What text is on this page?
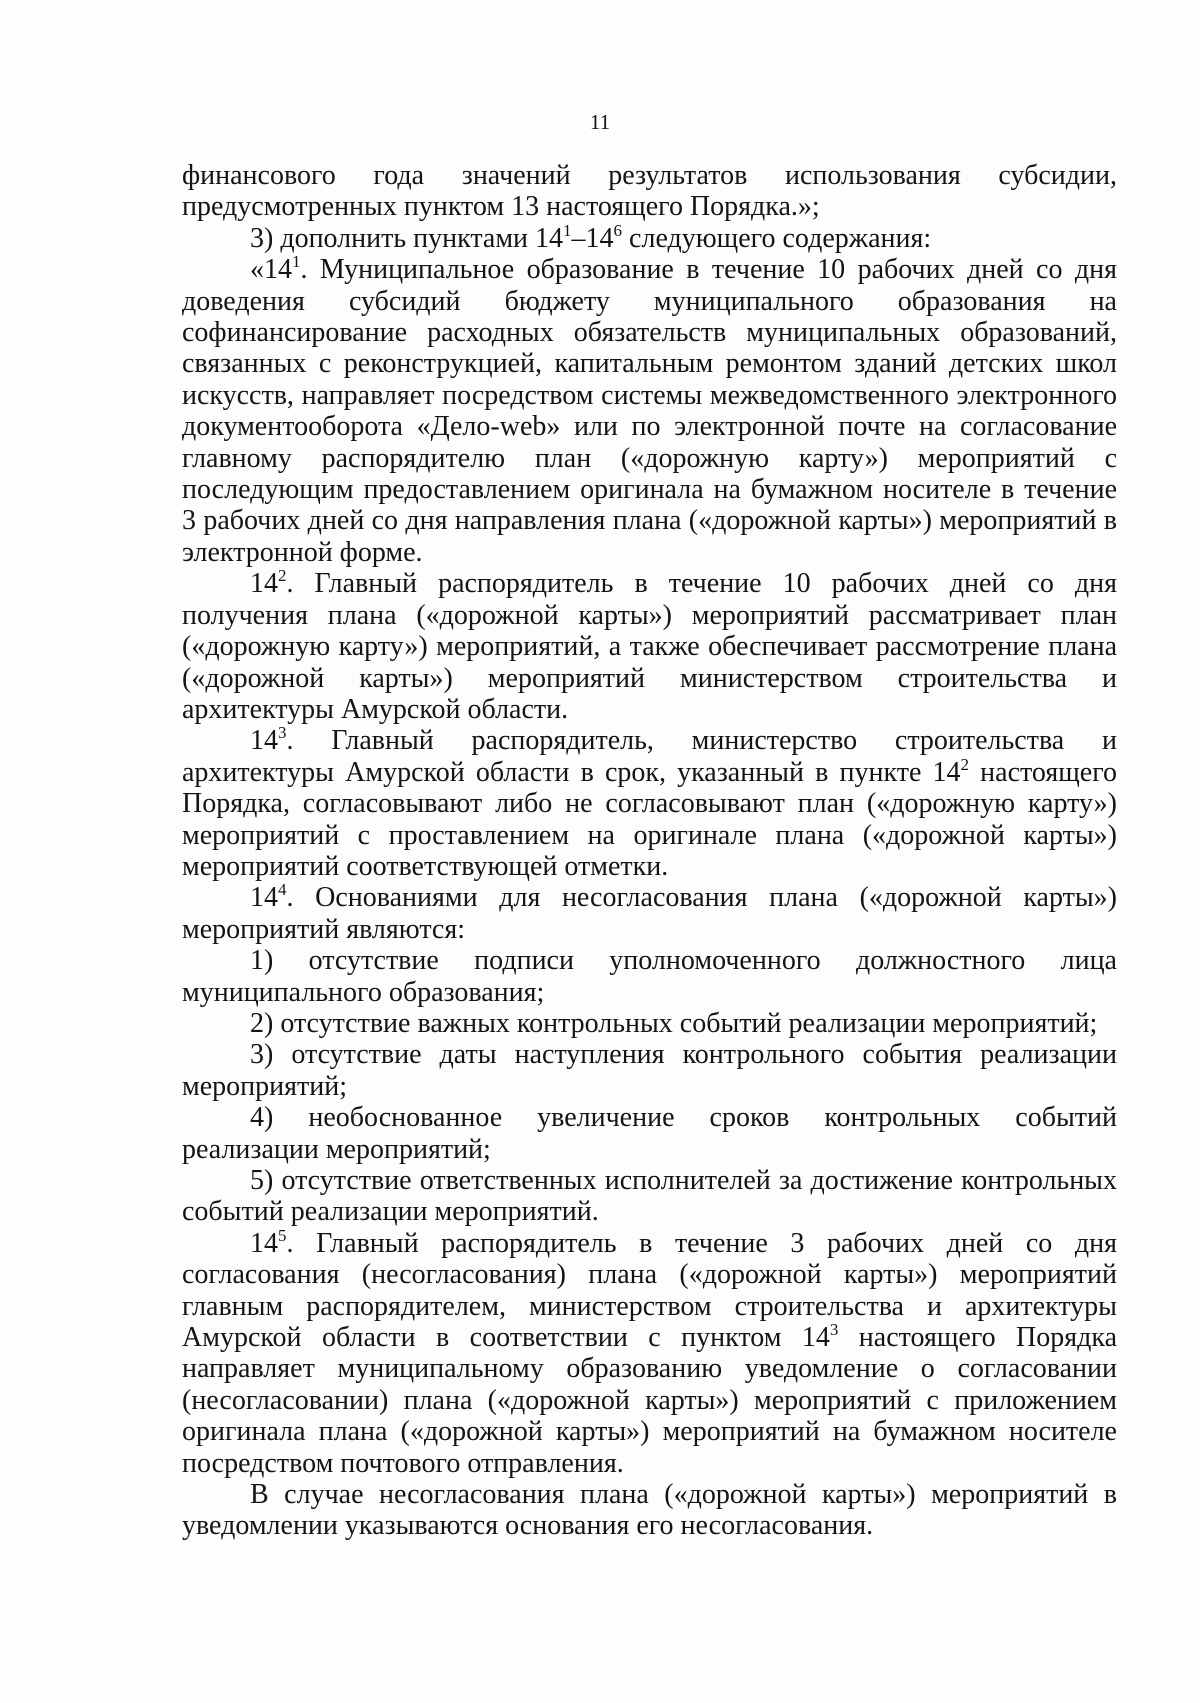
11

финансового года значений результатов использования субсидии, предусмотренных пунктом 13 настоящего Порядка.»;

3) дополнить пунктами $14^1-14^6$ следующего содержания:

«$14^1$. Муниципальное образование в течение 10 рабочих дней со дня доведения субсидий бюджету муниципального образования на софинансирование расходных обязательств муниципальных образований, связанных с реконструкцией, капитальным ремонтом зданий детских школ искусств, направляет посредством системы межведомственного электронного документооборота «Дело-web» или по электронной почте на согласование главному распорядителю план («дорожную карту») мероприятий с последующим предоставлением оригинала на бумажном носителе в течение 3 рабочих дней со дня направления плана («дорожной карты») мероприятий в электронной форме.

$14^2$. Главный распорядитель в течение 10 рабочих дней со дня получения плана («дорожной карты») мероприятий рассматривает план («дорожную карту») мероприятий, а также обеспечивает рассмотрение плана («дорожной карты») мероприятий министерством строительства и архитектуры Амурской области.

$14^3$. Главный распорядитель, министерство строительства и архитектуры Амурской области в срок, указанный в пункте $14^2$ настоящего Порядка, согласовывают либо не согласовывают план («дорожную карту») мероприятий с проставлением на оригинале плана («дорожной карты») мероприятий соответствующей отметки.

$14^4$. Основаниями для несогласования плана («дорожной карты») мероприятий являются:

1) отсутствие подписи уполномоченного должностного лица муниципального образования;

2) отсутствие важных контрольных событий реализации мероприятий;

3) отсутствие даты наступления контрольного события реализации мероприятий;

4) необоснованное увеличение сроков контрольных событий реализации мероприятий;

5) отсутствие ответственных исполнителей за достижение контрольных событий реализации мероприятий.

$14^5$. Главный распорядитель в течение 3 рабочих дней со дня согласования (несогласования) плана («дорожной карты») мероприятий главным распорядителем, министерством строительства и архитектуры Амурской области в соответствии с пунктом $14^3$ настоящего Порядка направляет муниципальному образованию уведомление о согласовании (несогласовании) плана («дорожной карты») мероприятий с приложением оригинала плана («дорожной карты») мероприятий на бумажном носителе посредством почтового отправления.

В случае несогласования плана («дорожной карты») мероприятий в уведомлении указываются основания его несогласования.
